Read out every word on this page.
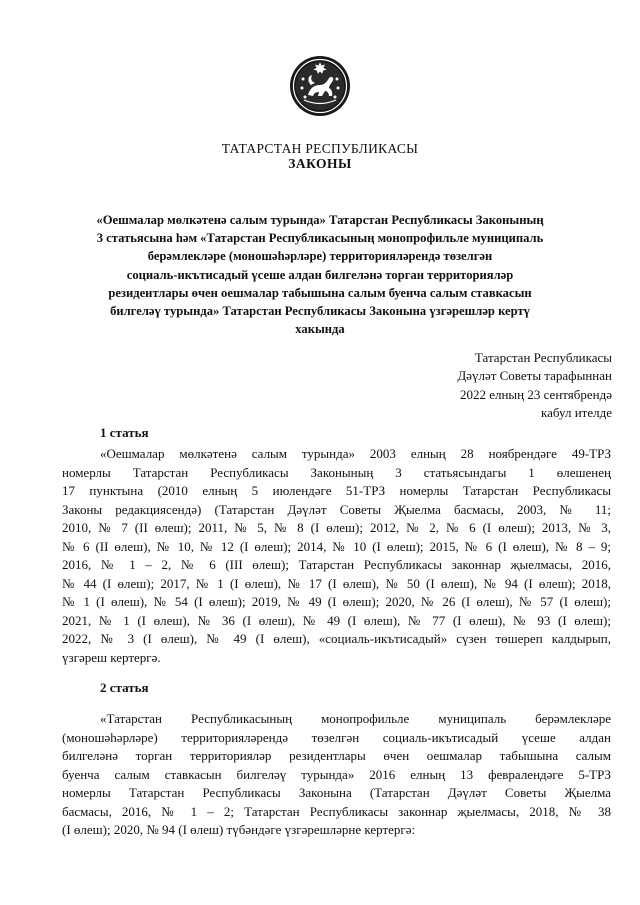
ТАТАРСТАН РЕСПУБЛИКАСЫ
ЗАКОНЫ
«Оешмалар мөлкәтенә салым турында» Татарстан Республикасы Законының
3 статьясына һәм «Татарстан Республикасының монопрофильле муниципаль
берәмлекләре (моношәһәрләре) территорияләрендә төзелгән
социаль-икътисадый үсеше алдан билгеләнә торган территорияләр
резидентлары өчен оешмалар табышына салым буенча салым ставкасын
билгеләү турында» Татарстан Республикасы Законына үзгәрешләр кертү
хакында
Татарстан Республикасы
Дәүләт Советы тарафыннан
2022 елның 23 сентябрендә
кабул ителде
1 статья
«Оешмалар мөлкәтенә салым турында» 2003 елның 28 ноябрендәге 49-ТРЗ
номерлы Татарстан Республикасы Законының 3 статьясындагы 1 өлешенең
17 пунктына (2010 елның 5 июлендәге 51-ТРЗ номерлы Татарстан Республикасы
Законы редакциясендә) (Татарстан Дәүләт Советы Җыелма басмасы, 2003, № 11;
2010, № 7 (II өлеш); 2011, № 5, № 8 (I өлеш); 2012, № 2, № 6 (I өлеш); 2013, № 3,
№ 6 (II өлеш), № 10, № 12 (I өлеш); 2014, № 10 (I өлеш); 2015, № 6 (I өлеш), № 8 – 9;
2016, № 1 – 2, № 6 (III өлеш); Татарстан Республикасы законнар җыелмасы, 2016,
№ 44 (I өлеш); 2017, № 1 (I өлеш), № 17 (I өлеш), № 50 (I өлеш), № 94 (I өлеш); 2018,
№ 1 (I өлеш), № 54 (I өлеш); 2019, № 49 (I өлеш); 2020, № 26 (I өлеш), № 57 (I өлеш);
2021, № 1 (I өлеш), № 36 (I өлеш), № 49 (I өлеш), № 77 (I өлеш), № 93 (I өлеш);
2022, № 3 (I өлеш), № 49 (I өлеш), «социаль-икътисадый» сүзен төшереп калдырып,
үзгәреш кертергә.
2 статья
«Татарстан Республикасының монопрофильле муниципаль берәмлекләре
(моношәһәрләре) территорияләрендә төзелгән социаль-икътисадый үсеше алдан
билгеләнә торган территорияләр резидентлары өчен оешмалар табышына салым
буенча салым ставкасын билгеләү турында» 2016 елның 13 февралендәге 5-ТРЗ
номерлы Татарстан Республикасы Законына (Татарстан Дәүләт Советы Җыелма
басмасы, 2016, № 1 – 2; Татарстан Республикасы законнар җыелмасы, 2018, № 38
(I өлеш); 2020, № 94 (I өлеш) түбәндәге үзгәрешләрне кертергә:
